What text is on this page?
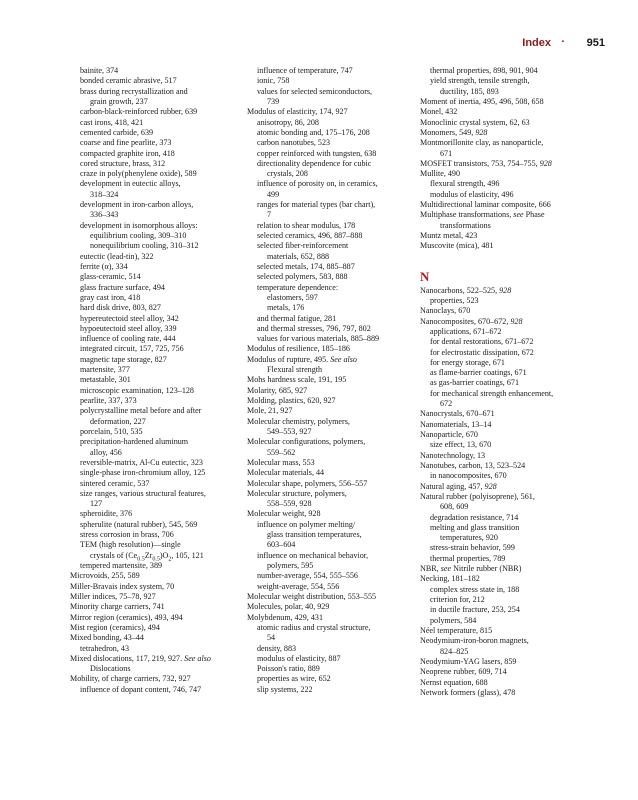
Index · 951
bainite, 374
bonded ceramic abrasive, 517
brass during recrystallization and
grain growth, 237
carbon-black-reinforced rubber, 639
cast irons, 418, 421
cemented carbide, 639
coarse and fine pearlite, 373
compacted graphite iron, 418
cored structure, brass, 312
craze in poly(phenylene oxide), 589
development in eutectic alloys,
318–324
development in iron-carbon alloys,
336–343
development in isomorphous alloys:
equilibrium cooling, 309–310
nonequilibrium cooling, 310–312
eutectic (lead-tin), 322
ferrite (α), 334
glass-ceramic, 514
glass fracture surface, 494
gray cast iron, 418
hard disk drive, 803, 827
hypereutectoid steel alloy, 342
hypoeutectoid steel alloy, 339
influence of cooling rate, 444
integrated circuit, 157, 725, 756
magnetic tape storage, 827
martensite, 377
metastable, 301
microscopic examination, 123–128
pearlite, 337, 373
polycrystalline metal before and after
deformation, 227
porcelain, 510, 535
precipitation-hardened aluminum
alloy, 456
reversible-matrix, Al-Cu eutectic, 323
single-phase iron-chromium alloy, 125
sintered ceramic, 537
size ranges, various structural features,
127
spheroidite, 376
spherulite (natural rubber), 545, 569
stress corrosion in brass, 706
TEM (high resolution)—single
crystals of $(Ce_{0.5}Zr_{0.5})O_2$, 105, 121
tempered martensite, 389
Microvoids, 255, 589
Miller-Bravais index system, 70
Miller indices, 75–78, 927
Minority charge carriers, 741
Mirror region (ceramics), 493, 494
Mist region (ceramics), 494
Mixed bonding, 43–44
tetrahedron, 43
Mixed dislocations, 117, 219, 927. See also
Dislocations
Mobility, of charge carriers, 732, 927
influence of dopant content, 746, 747
influence of temperature, 747
ionic, 758
values for selected semiconductors,
739
Modulus of elasticity, 174, 927
anisotropy, 86, 208
atomic bonding and, 175–176, 208
carbon nanotubes, 523
copper reinforced with tungsten, 638
directionality dependence for cubic
crystals, 208
influence of porosity on, in ceramics,
499
ranges for material types (bar chart),
7
relation to shear modulus, 178
selected ceramics, 496, 887–888
selected fiber-reinforcement
materials, 652, 888
selected metals, 174, 885–887
selected polymers, 583, 888
temperature dependence:
elastomers, 597
metals, 176
and thermal fatigue, 281
and thermal stresses, 796, 797, 802
values for various materials, 885–889
Modulus of resilience, 185–186
Modulus of rupture, 495. See also
Flexural strength
Mohs hardness scale, 191, 195
Molarity, 685, 927
Molding, plastics, 620, 927
Mole, 21, 927
Molecular chemistry, polymers,
549–553, 927
Molecular configurations, polymers,
559–562
Molecular mass, 553
Molecular materials, 44
Molecular shape, polymers, 556–557
Molecular structure, polymers,
558–559, 928
Molecular weight, 928
influence on polymer melting/
glass transition temperatures,
603–604
influence on mechanical behavior,
polymers, 595
number-average, 554, 555–556
weight-average, 554, 556
Molecular weight distribution, 553–555
Molecules, polar, 40, 929
Molybdenum, 429, 431
atomic radius and crystal structure,
54
density, 883
modulus of elasticity, 887
Poisson's ratio, 889
properties as wire, 652
slip systems, 222
thermal properties, 898, 901, 904
yield strength, tensile strength,
ductility, 185, 893
Moment of inertia, 495, 496, 508, 658
Monel, 432
Monoclinic crystal system, 62, 63
Monomers, 549, 928
Montmorillonite clay, as nanoparticle,
671
MOSFET transistors, 753, 754–755, 928
Mullite, 490
flexural strength, 496
modulus of elasticity, 496
Multidirectional laminar composite, 666
Multiphase transformations, see Phase
transformations
Muntz metal, 423
Muscovite (mica), 481
N
Nanocarbons, 522–525, 928
properties, 523
Nanoclays, 670
Nanocomposites, 670–672, 928
applications, 671–672
for dental restorations, 671–672
for electrostatic dissipation, 672
for energy storage, 671
as flame-barrier coatings, 671
as gas-barrier coatings, 671
for mechanical strength enhancement,
672
Nanocrystals, 670–671
Nanomaterials, 13–14
Nanoparticle, 670
size effect, 13, 670
Nanotechnology, 13
Nanotubes, carbon, 13, 523–524
in nanocomposites, 670
Natural aging, 457, 928
Natural rubber (polyisoprene), 561,
608, 609
degradation resistance, 714
melting and glass transition
temperatures, 920
stress-strain behavior, 599
thermal properties, 789
NBR, see Nitrile rubber (NBR)
Necking, 181–182
complex stress state in, 188
criterion for, 212
in ductile fracture, 253, 254
polymers, 584
Néel temperature, 815
Neodymium-iron-boron magnets,
824–825
Neodymium-YAG lasers, 859
Neoprene rubber, 609, 714
Nernst equation, 688
Network formers (glass), 478
